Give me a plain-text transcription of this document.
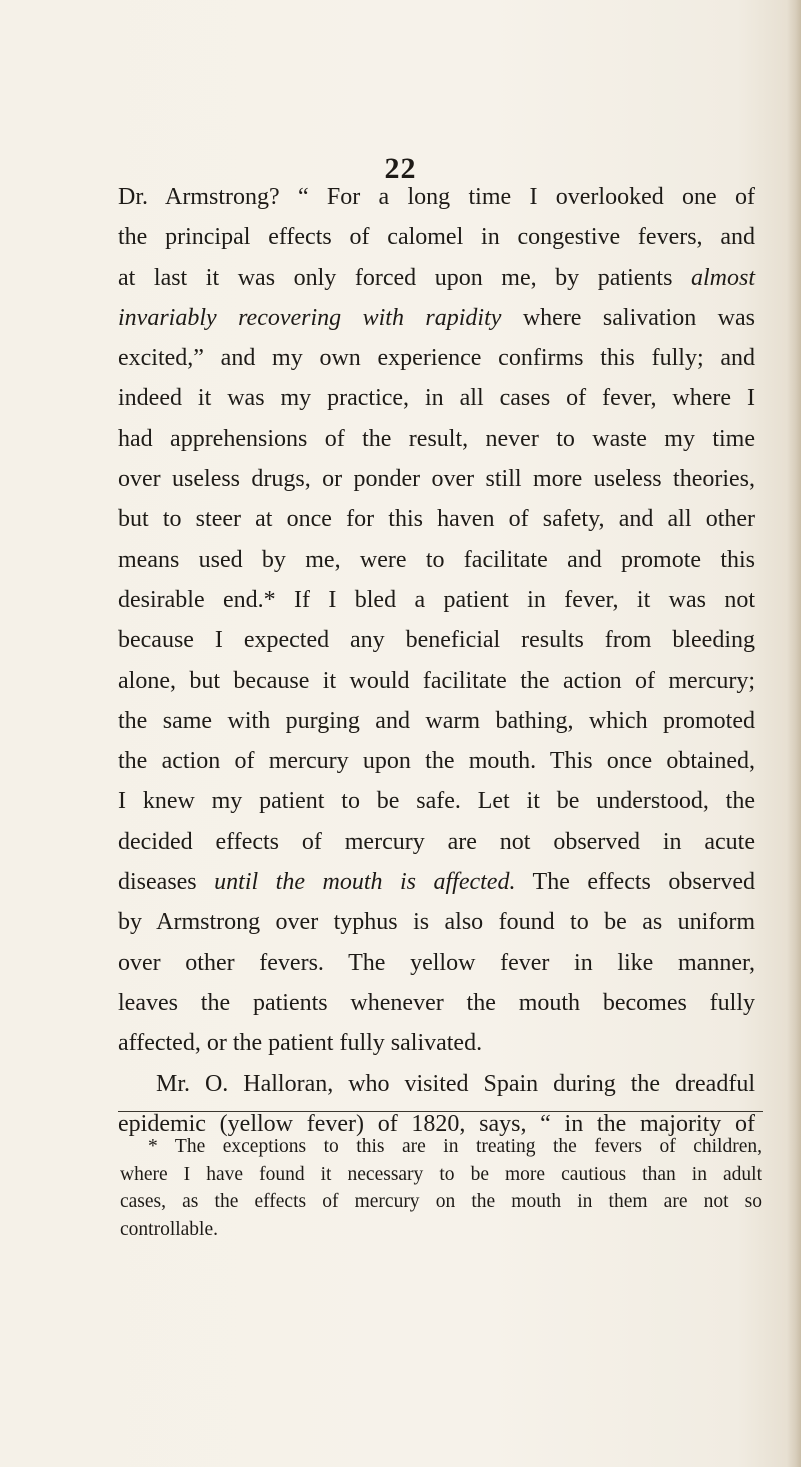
22
Dr. Armstrong? “ For a long time I overlooked one of
the principal effects of calomel in congestive fevers, and
at last it was only forced upon me, by patients almost
invariably recovering with rapidity where salivation was
excited,” and my own experience confirms this fully; and
indeed it was my practice, in all cases of fever, where I
had apprehensions of the result, never to waste my time
over useless drugs, or ponder over still more useless theories,
but to steer at once for this haven of safety, and all other
means used by me, were to facilitate and promote this
desirable end.* If I bled a patient in fever, it was not
because I expected any beneficial results from bleeding
alone, but because it would facilitate the action of mercury;
the same with purging and warm bathing, which promoted
the action of mercury upon the mouth. This once obtained,
I knew my patient to be safe. Let it be understood, the
decided effects of mercury are not observed in acute
diseases until the mouth is affected. The effects observed
by Armstrong over typhus is also found to be as uniform
over other fevers. The yellow fever in like manner,
leaves the patients whenever the mouth becomes fully
affected, or the patient fully salivated.
Mr. O. Halloran, who visited Spain during the dreadful
epidemic (yellow fever) of 1820, says, “ in the majority of
* The exceptions to this are in treating the fevers of children,
where I have found it necessary to be more cautious than in adult
cases, as the effects of mercury on the mouth in them are not so
controllable.
